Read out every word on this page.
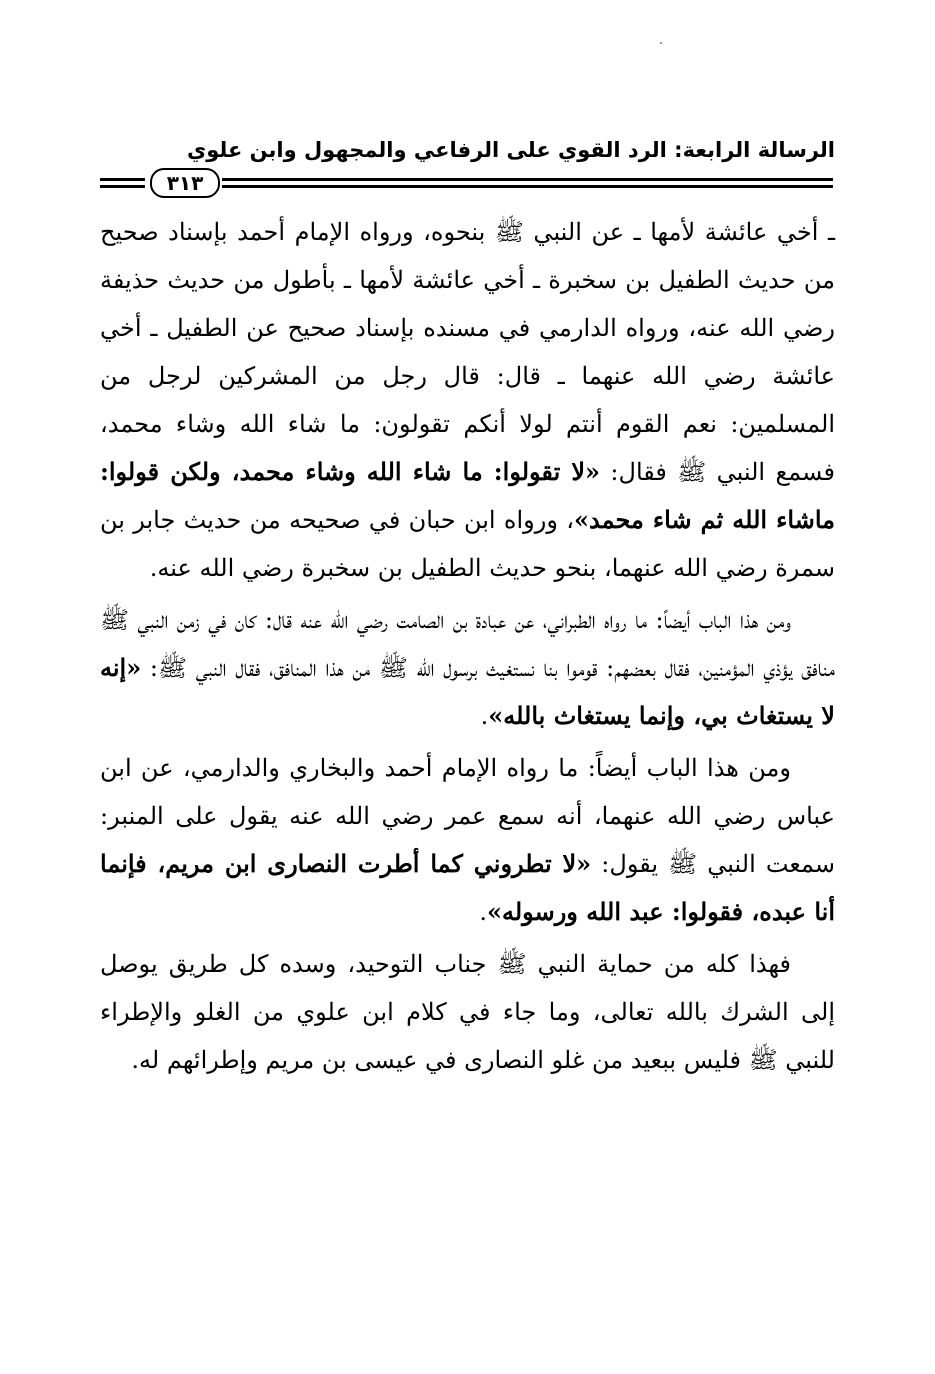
الرسالة الرابعة: الرد القوي على الرفاعي والمجهول وابن علوي
٣١٣

ـ أخي عائشة لأمها ـ عن النبي ﷺ بنحوه، ورواه الإمام أحمد بإسناد صحيح من حديث الطفيل بن سخبرة ـ أخي عائشة لأمها ـ بأطول من حديث حذيفة رضي الله عنه، ورواه الدارمي في مسنده بإسناد صحيح عن الطفيل ـ أخي عائشة رضي الله عنهما ـ قال: قال رجل من المشركين لرجل من المسلمين: نعم القوم أنتم لولا أنكم تقولون: ما شاء الله وشاء محمد، فسمع النبي ﷺ فقال: «لا تقولوا: ما شاء الله وشاء محمد، ولكن قولوا: ماشاء الله ثم شاء محمد»، ورواه ابن حبان في صحيحه من حديث جابر بن سمرة رضي الله عنهما، بنحو حديث الطفيل بن سخبرة رضي الله عنه.

ومن هذا الباب أيضاً: ما رواه الطبراني، عن عبادة بن الصامت رضي الله عنه قال: كان في زمن النبي ﷺ منافق يؤذي المؤمنين، فقال بعضهم: قوموا بنا نستغيث برسول الله ﷺ من هذا المنافق، فقال النبي ﷺ: «إنه لا يستغاث بي، وإنما يستغاث بالله».

ومن هذا الباب أيضاً: ما رواه الإمام أحمد والبخاري والدارمي، عن ابن عباس رضي الله عنهما، أنه سمع عمر رضي الله عنه يقول على المنبر: سمعت النبي ﷺ يقول: «لا تطروني كما أطرت النصارى ابن مريم، فإنما أنا عبده، فقولوا: عبد الله ورسوله».

فهذا كله من حماية النبي ﷺ جناب التوحيد، وسده كل طريق يوصل إلى الشرك بالله تعالى، وما جاء في كلام ابن علوي من الغلو والإطراء للنبي ﷺ فليس ببعيد من غلو النصارى في عيسى بن مريم وإطرائهم له.
